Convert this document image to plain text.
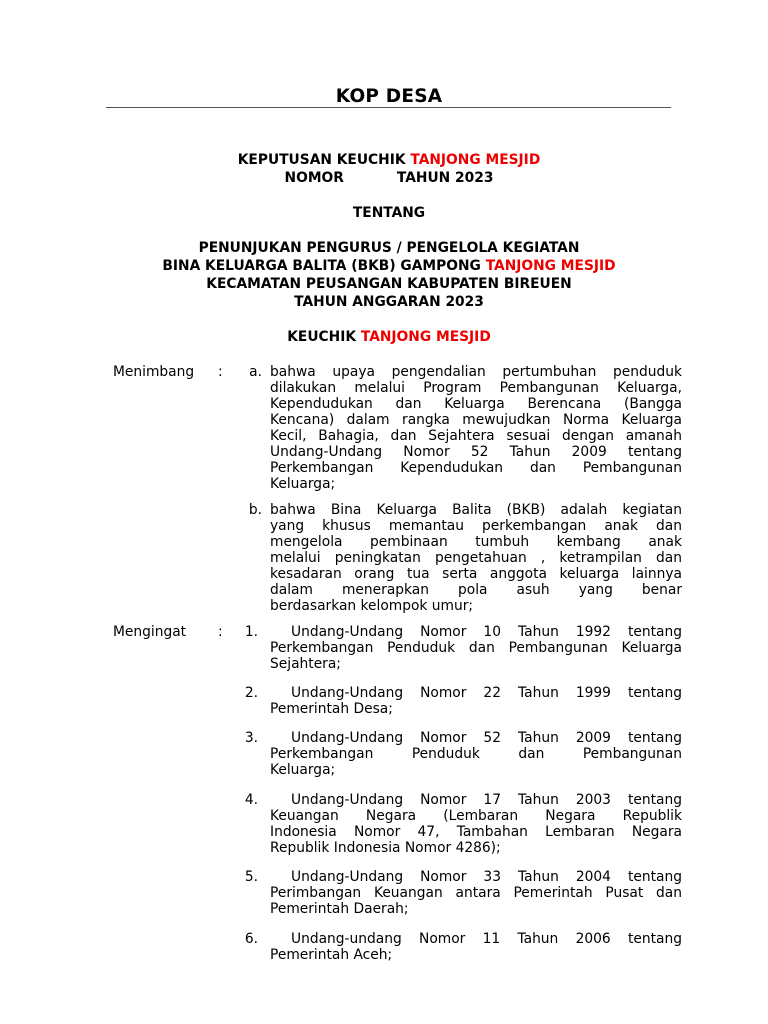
KOP DESA
KEPUTUSAN KEUCHIK TANJONG MESJID
NOMOR	TAHUN 2023
TENTANG
PENUNJUKAN PENGURUS / PENGELOLA KEGIATAN
BINA KELUARGA BALITA (BKB) GAMPONG TANJONG MESJID
KECAMATAN PEUSANGAN KABUPATEN BIREUEN
TAHUN ANGGARAN 2023
KEUCHIK TANJONG MESJID
Menimbang :	a. bahwa upaya pengendalian pertumbuhan penduduk
dilakukan melalui Program Pembangunan Keluarga,
Kependudukan dan Keluarga Berencana (Bangga
Kencana) dalam rangka mewujudkan Norma Keluarga
Kecil, Bahagia, dan Sejahtera sesuai dengan amanah
Undang-Undang Nomor 52 Tahun 2009 tentang
Perkembangan Kependudukan dan Pembangunan
Keluarga;
b. bahwa Bina Keluarga Balita (BKB) adalah kegiatan
yang khusus memantau perkembangan anak dan
mengelola pembinaan tumbuh kembang anak
melalui peningkatan pengetahuan , ketrampilan dan
kesadaran orang tua serta anggota keluarga lainnya
dalam menerapkan pola asuh yang benar
berdasarkan kelompok umur;
Mengingat :	1.	Undang-Undang Nomor 10 Tahun 1992 tentang
Perkembangan Penduduk dan Pembangunan Keluarga
Sejahtera;
2.	Undang-Undang Nomor 22 Tahun 1999 tentang
Pemerintah Desa;
3.	Undang-Undang Nomor 52 Tahun 2009 tentang
Perkembangan Penduduk dan Pembangunan
Keluarga;
4.	Undang-Undang Nomor 17 Tahun 2003 tentang
Keuangan Negara (Lembaran Negara Republik
Indonesia Nomor 47, Tambahan Lembaran Negara
Republik Indonesia Nomor 4286);
5.	Undang-Undang Nomor 33 Tahun 2004 tentang
Perimbangan Keuangan antara Pemerintah Pusat dan
Pemerintah Daerah;
6.	Undang-undang Nomor 11 Tahun 2006 tentang
Pemerintah Aceh;
